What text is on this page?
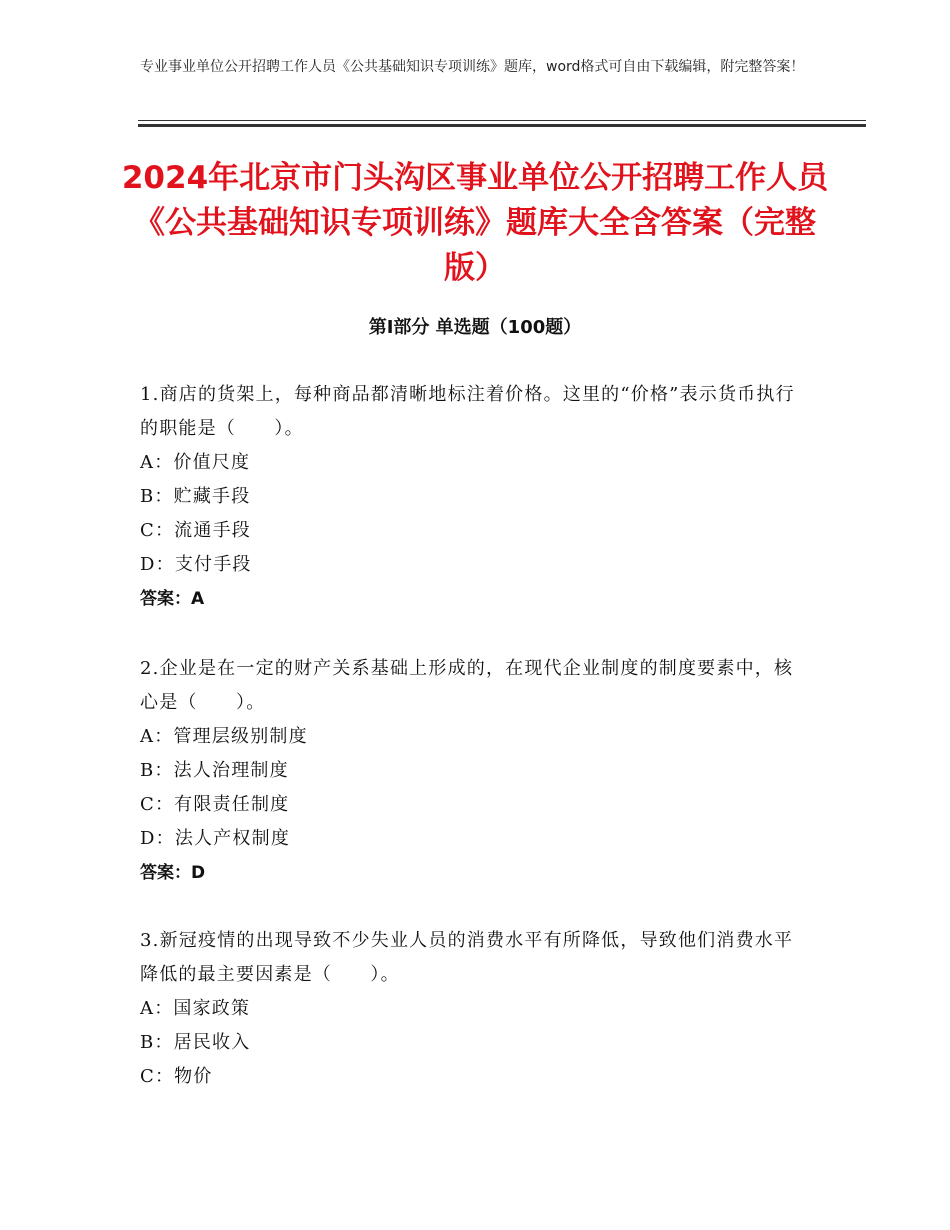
专业事业单位公开招聘工作人员《公共基础知识专项训练》题库，word格式可自由下载编辑，附完整答案！
2024年北京市门头沟区事业单位公开招聘工作人员《公共基础知识专项训练》题库大全含答案（完整版）
第Ⅰ部分 单选题（100题）
1.商店的货架上，每种商品都清晰地标注着价格。这里的“价格”表示货币执行的职能是（　　）。
A：价值尺度
B：贮藏手段
C：流通手段
D：支付手段
答案：A
2.企业是在一定的财产关系基础上形成的，在现代企业制度的制度要素中，核心是（　　）。
A：管理层级别制度
B：法人治理制度
C：有限责任制度
D：法人产权制度
答案：D
3.新冠疫情的出现导致不少失业人员的消费水平有所降低，导致他们消费水平降低的最主要因素是（　　）。
A：国家政策
B：居民收入
C：物价
